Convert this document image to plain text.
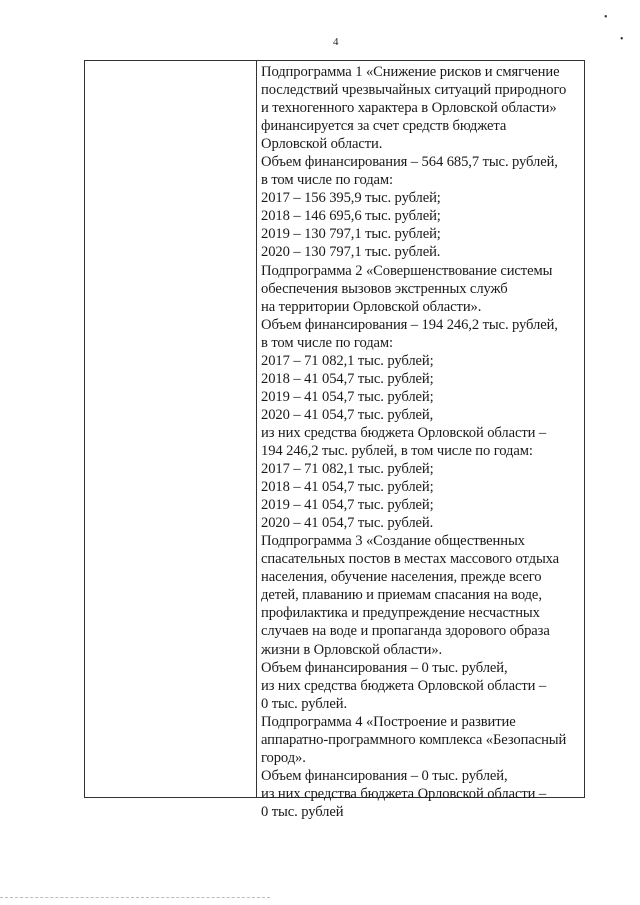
•
•
4
Подпрограмма 1 «Снижение рисков и смягчение
последствий чрезвычайных ситуаций природного
и техногенного характера в Орловской области»
финансируется за счет средств бюджета
Орловской области.
Объем финансирования – 564 685,7 тыс. рублей,
в том числе по годам:
2017 – 156 395,9 тыс. рублей;
2018 – 146 695,6 тыс. рублей;
2019 – 130 797,1 тыс. рублей;
2020 – 130 797,1 тыс. рублей.
Подпрограмма 2 «Совершенствование системы
обеспечения вызовов экстренных служб
на территории Орловской области».
Объем финансирования – 194 246,2 тыс. рублей,
в том числе по годам:
2017 – 71 082,1 тыс. рублей;
2018 – 41 054,7 тыс. рублей;
2019 – 41 054,7 тыс. рублей;
2020 – 41 054,7 тыс. рублей,
из них средства бюджета Орловской области –
194 246,2 тыс. рублей, в том числе по годам:
2017 – 71 082,1 тыс. рублей;
2018 – 41 054,7 тыс. рублей;
2019 – 41 054,7 тыс. рублей;
2020 – 41 054,7 тыс. рублей.
Подпрограмма 3 «Создание общественных
спасательных постов в местах массового отдыха
населения, обучение населения, прежде всего
детей, плаванию и приемам спасания на воде,
профилактика и предупреждение несчастных
случаев на воде и пропаганда здорового образа
жизни в Орловской области».
Объем финансирования – 0 тыс. рублей,
из них средства бюджета Орловской области –
0 тыс. рублей.
Подпрограмма 4 «Построение и развитие
аппаратно-программного комплекса «Безопасный
город».
Объем финансирования – 0 тыс. рублей,
из них средства бюджета Орловской области –
0 тыс. рублей
